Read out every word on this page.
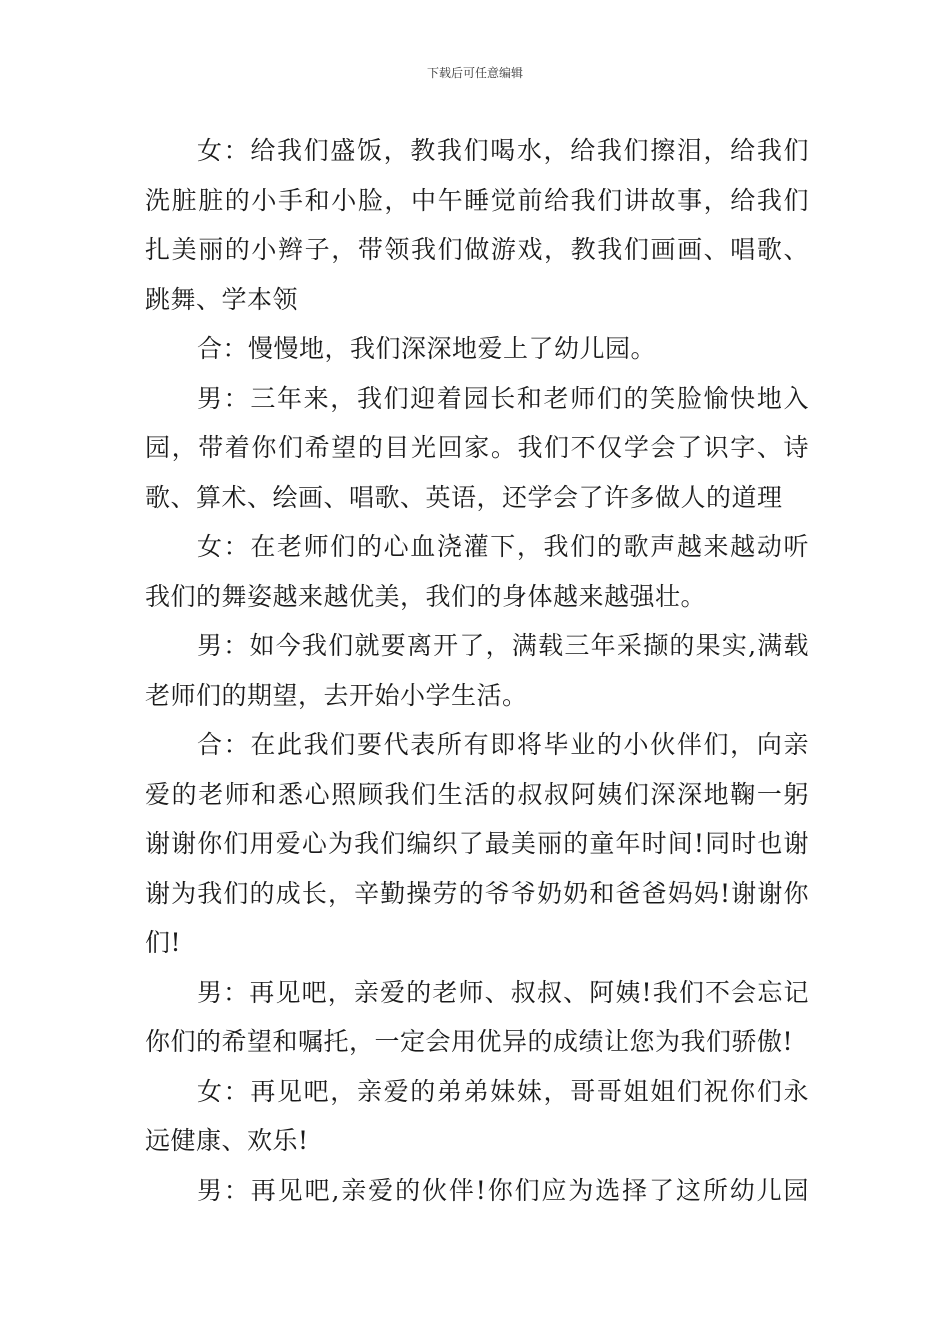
下载后可任意编辑
女：给我们盛饭，教我们喝水，给我们擦泪，给我们
洗脏脏的小手和小脸，中午睡觉前给我们讲故事，给我们
扎美丽的小辫子，带领我们做游戏，教我们画画、唱歌、
跳舞、学本领
合：慢慢地，我们深深地爱上了幼儿园。
男：三年来，我们迎着园长和老师们的笑脸愉快地入
园，带着你们希望的目光回家。我们不仅学会了识字、诗
歌、算术、绘画、唱歌、英语，还学会了许多做人的道理
女：在老师们的心血浇灌下，我们的歌声越来越动听
我们的舞姿越来越优美，我们的身体越来越强壮。
男：如今我们就要离开了，满载三年采撷的果实,满载
老师们的期望，去开始小学生活。
合：在此我们要代表所有即将毕业的小伙伴们，向亲
爱的老师和悉心照顾我们生活的叔叔阿姨们深深地鞠一躬
谢谢你们用爱心为我们编织了最美丽的童年时间!同时也谢
谢为我们的成长，辛勤操劳的爷爷奶奶和爸爸妈妈!谢谢你
们!
男：再见吧，亲爱的老师、叔叔、阿姨!我们不会忘记
你们的希望和嘱托，一定会用优异的成绩让您为我们骄傲!
女：再见吧，亲爱的弟弟妹妹，哥哥姐姐们祝你们永
远健康、欢乐!
男：再见吧,亲爱的伙伴!你们应为选择了这所幼儿园
